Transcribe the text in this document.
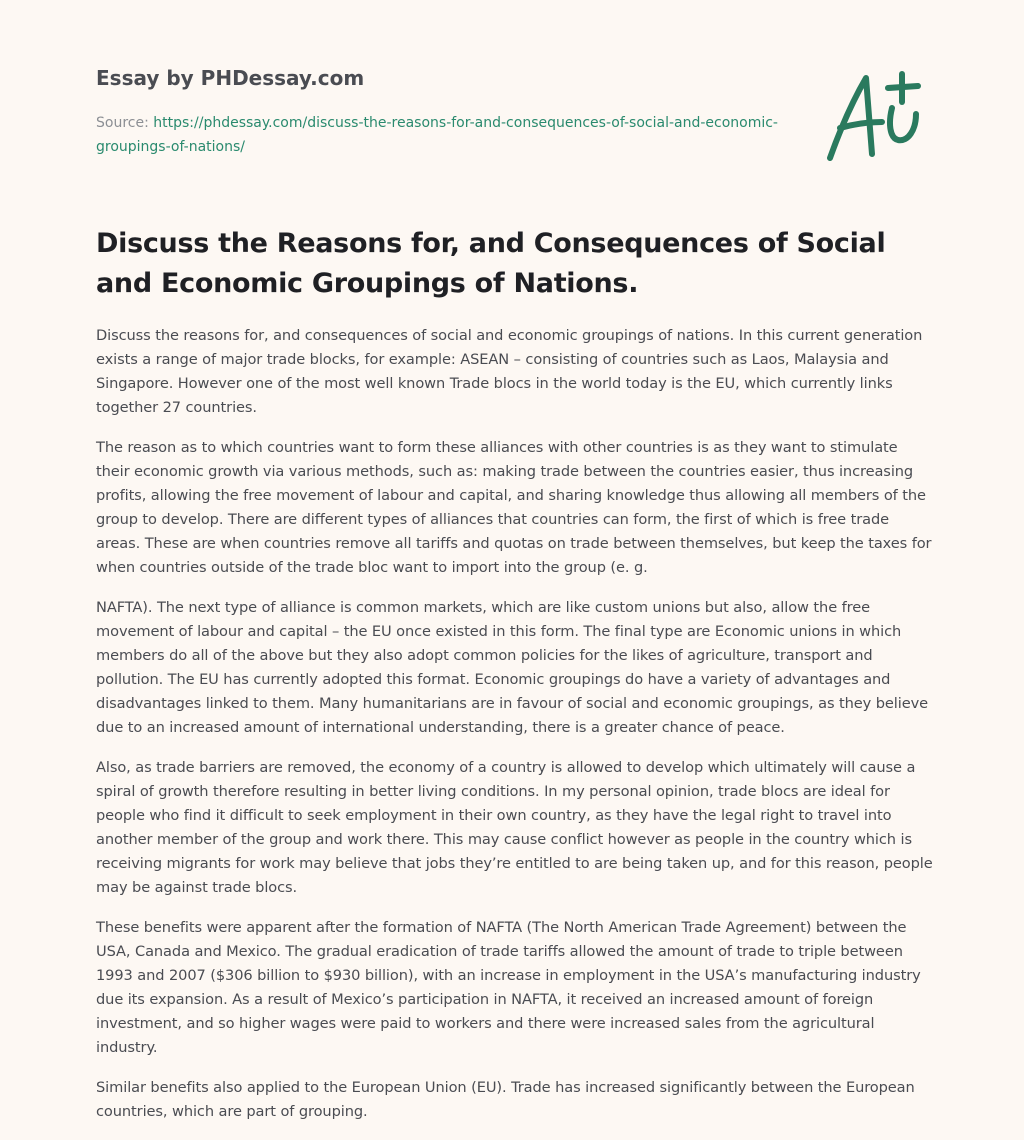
Essay by PHDessay.com
Source: https://phdessay.com/discuss-the-reasons-for-and-consequences-of-social-and-economic-groupings-of-nations/
Discuss the Reasons for, and Consequences of Social and Economic Groupings of Nations.

Discuss the reasons for, and consequences of social and economic groupings of nations. In this current generation exists a range of major trade blocks, for example: ASEAN – consisting of countries such as Laos, Malaysia and Singapore. However one of the most well known Trade blocs in the world today is the EU, which currently links together 27 countries.

The reason as to which countries want to form these alliances with other countries is as they want to stimulate their economic growth via various methods, such as: making trade between the countries easier, thus increasing profits, allowing the free movement of labour and capital, and sharing knowledge thus allowing all members of the group to develop. There are different types of alliances that countries can form, the first of which is free trade areas. These are when countries remove all tariffs and quotas on trade between themselves, but keep the taxes for when countries outside of the trade bloc want to import into the group (e. g.

NAFTA). The next type of alliance is common markets, which are like custom unions but also, allow the free movement of labour and capital – the EU once existed in this form. The final type are Economic unions in which members do all of the above but they also adopt common policies for the likes of agriculture, transport and pollution. The EU has currently adopted this format. Economic groupings do have a variety of advantages and disadvantages linked to them. Many humanitarians are in favour of social and economic groupings, as they believe due to an increased amount of international understanding, there is a greater chance of peace.

Also, as trade barriers are removed, the economy of a country is allowed to develop which ultimately will cause a spiral of growth therefore resulting in better living conditions. In my personal opinion, trade blocs are ideal for people who find it difficult to seek employment in their own country, as they have the legal right to travel into another member of the group and work there. This may cause conflict however as people in the country which is receiving migrants for work may believe that jobs they’re entitled to are being taken up, and for this reason, people may be against trade blocs.

These benefits were apparent after the formation of NAFTA (The North American Trade Agreement) between the USA, Canada and Mexico. The gradual eradication of trade tariffs allowed the amount of trade to triple between 1993 and 2007 ($306 billion to $930 billion), with an increase in employment in the USA’s manufacturing industry due its expansion. As a result of Mexico’s participation in NAFTA, it received an increased amount of foreign investment, and so higher wages were paid to workers and there were increased sales from the agricultural industry.

Similar benefits also applied to the European Union (EU). Trade has increased significantly between the European countries, which are part of grouping.
